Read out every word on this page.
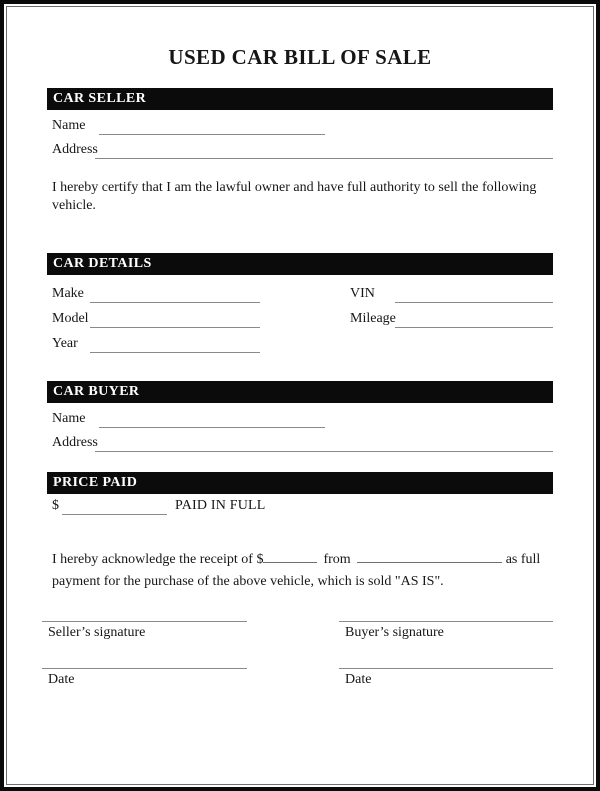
USED CAR BILL OF SALE
CAR SELLER
Name
Address

I hereby certify that I am the lawful owner and have full authority to sell the following vehicle.

CAR DETAILS
Make
Model
Year
VIN
Mileage
CAR BUYER
Name
Address
PRICE PAID
$	PAID IN FULL

I hereby acknowledge the receipt of $	from	as full
payment for the purchase of the above vehicle, which is sold "AS IS".

Seller’s signature
Date
Buyer’s signature
Date
